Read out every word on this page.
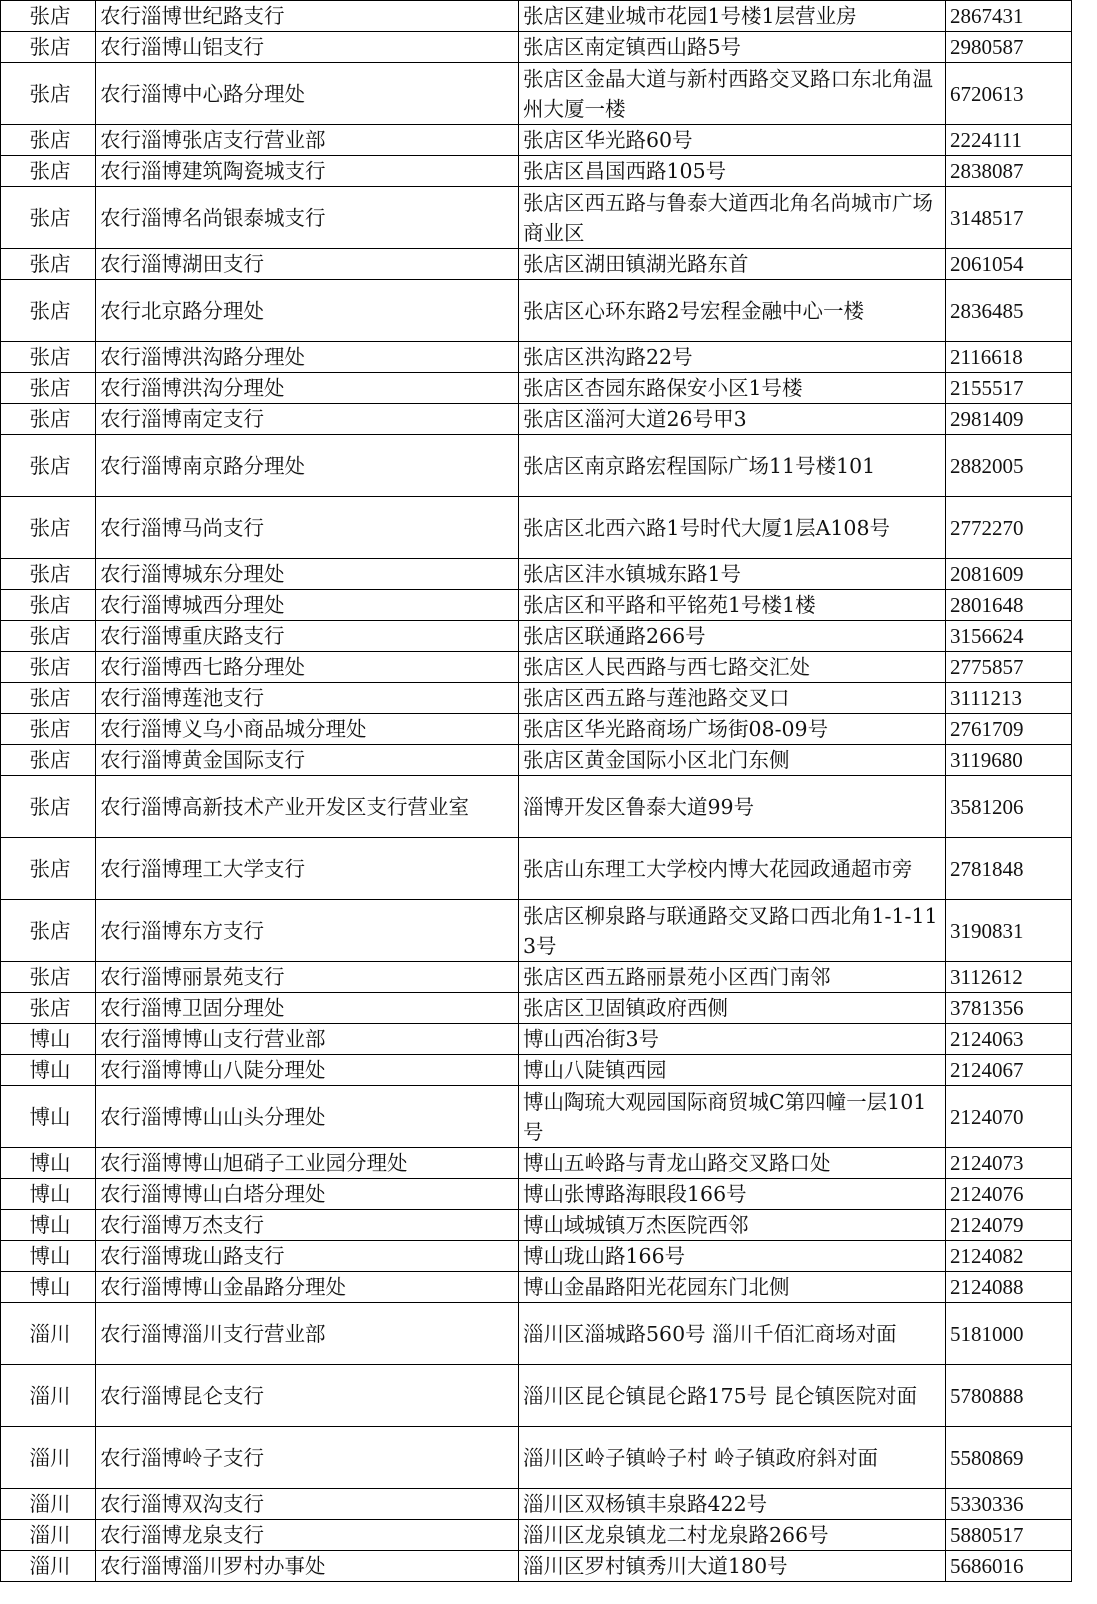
张店	农行淄博世纪路支行	张店区建业城市花园1号楼1层营业房	2867431
张店	农行淄博山铝支行	张店区南定镇西山路5号	2980587
张店	农行淄博中心路分理处	张店区金晶大道与新村西路交叉路口东北角温州大厦一楼	6720613
张店	农行淄博张店支行营业部	张店区华光路60号	2224111
张店	农行淄博建筑陶瓷城支行	张店区昌国西路105号	2838087
张店	农行淄博名尚银泰城支行	张店区西五路与鲁泰大道西北角名尚城市广场商业区	3148517
张店	农行淄博湖田支行	张店区湖田镇湖光路东首	2061054
张店	农行北京路分理处	张店区心环东路2号宏程金融中心一楼	2836485
张店	农行淄博洪沟路分理处	张店区洪沟路22号	2116618
张店	农行淄博洪沟分理处	张店区杏园东路保安小区1号楼	2155517
张店	农行淄博南定支行	张店区淄河大道26号甲3	2981409
张店	农行淄博南京路分理处	张店区南京路宏程国际广场11号楼101	2882005
张店	农行淄博马尚支行	张店区北西六路1号时代大厦1层A108号	2772270
张店	农行淄博城东分理处	张店区沣水镇城东路1号	2081609
张店	农行淄博城西分理处	张店区和平路和平铭苑1号楼1楼	2801648
张店	农行淄博重庆路支行	张店区联通路266号	3156624
张店	农行淄博西七路分理处	张店区人民西路与西七路交汇处	2775857
张店	农行淄博莲池支行	张店区西五路与莲池路交叉口	3111213
张店	农行淄博义乌小商品城分理处	张店区华光路商场广场街08-09号	2761709
张店	农行淄博黄金国际支行	张店区黄金国际小区北门东侧	3119680
张店	农行淄博高新技术产业开发区支行营业室	淄博开发区鲁泰大道99号	3581206
张店	农行淄博理工大学支行	张店山东理工大学校内博大花园政通超市旁	2781848
张店	农行淄博东方支行	张店区柳泉路与联通路交叉路口西北角1-1-113号	3190831
张店	农行淄博丽景苑支行	张店区西五路丽景苑小区西门南邻	3112612
张店	农行淄博卫固分理处	张店区卫固镇政府西侧	3781356
博山	农行淄博博山支行营业部	博山西冶街3号	2124063
博山	农行淄博博山八陡分理处	博山八陡镇西园	2124067
博山	农行淄博博山山头分理处	博山陶琉大观园国际商贸城C第四幢一层101号	2124070
博山	农行淄博博山旭硝子工业园分理处	博山五岭路与青龙山路交叉路口处	2124073
博山	农行淄博博山白塔分理处	博山张博路海眼段166号	2124076
博山	农行淄博万杰支行	博山域城镇万杰医院西邻	2124079
博山	农行淄博珑山路支行	博山珑山路166号	2124082
博山	农行淄博博山金晶路分理处	博山金晶路阳光花园东门北侧	2124088
淄川	农行淄博淄川支行营业部	淄川区淄城路560号 淄川千佰汇商场对面	5181000
淄川	农行淄博昆仑支行	淄川区昆仑镇昆仑路175号 昆仑镇医院对面	5780888
淄川	农行淄博岭子支行	淄川区岭子镇岭子村 岭子镇政府斜对面	5580869
淄川	农行淄博双沟支行	淄川区双杨镇丰泉路422号	5330336
淄川	农行淄博龙泉支行	淄川区龙泉镇龙二村龙泉路266号	5880517
淄川	农行淄博淄川罗村办事处	淄川区罗村镇秀川大道180号	5686016
